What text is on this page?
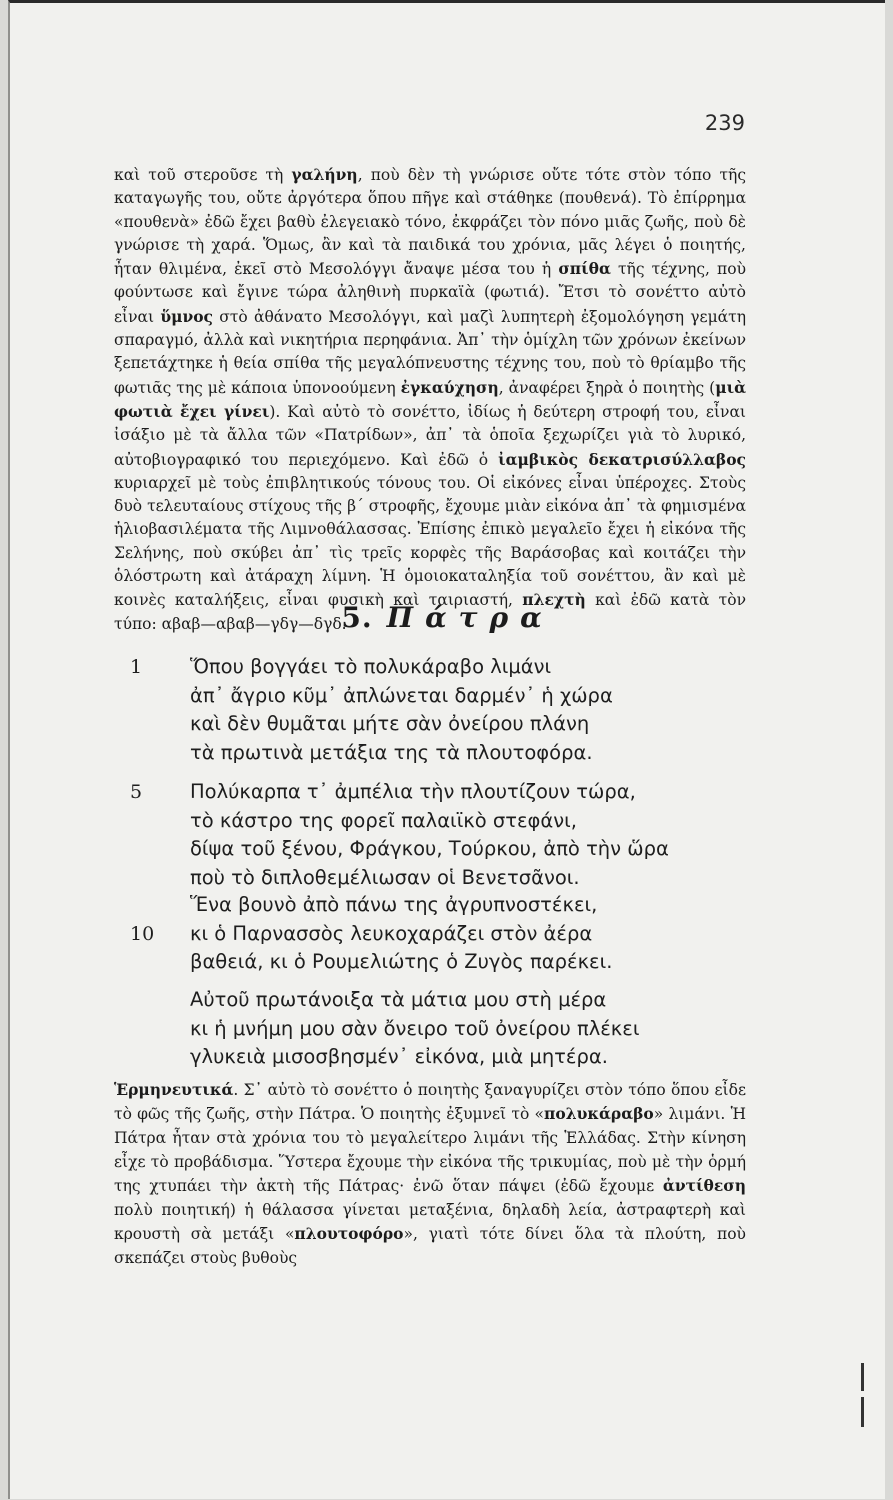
239

καὶ τοῦ στεροῦσε τὴ γαλήνη, ποὺ δὲν τὴ γνώρισε οὔτε τότε στὸν τόπο τῆς καταγωγῆς του, οὔτε ἀργότερα ὅπου πῆγε καὶ στάθηκε (πουθενά). Τὸ ἐπίρρημα «πουθενὰ» ἐδῶ ἔχει βαθὺ ἐλεγειακὸ τόνο, ἐκφράζει τὸν πόνο μιᾶς ζωῆς, ποὺ δὲ γνώρισε τὴ χαρά. Ὅμως, ἂν καὶ τὰ παιδικά του χρόνια, μᾶς λέγει ὁ ποιητής, ἦταν θλιμένα, ἐκεῖ στὸ Μεσολόγγι ἄναψε μέσα του ἡ σπίθα τῆς τέχνης, ποὺ φούντωσε καὶ ἔγινε τώρα ἀληθινὴ πυρκαϊὰ (φωτιά). Ἔτσι τὸ σονέττο αὐτὸ εἶναι ὕμνος στὸ ἀθάνατο Μεσολόγγι, καὶ μαζὶ λυπητερὴ ἐξομολόγηση γεμάτη σπαραγμό, ἀλλὰ καὶ νικητήρια περηφάνια. Ἀπ᾽ τὴν ὁμίχλη τῶν χρόνων ἐκείνων ξεπετάχτηκε ἡ θεία σπίθα τῆς μεγαλόπνευστης τέχνης του, ποὺ τὸ θρίαμβο τῆς φωτιᾶς της μὲ κάποια ὑπονοούμενη ἐγκαύχηση, ἀναφέρει ξηρὰ ὁ ποιητὴς (μιὰ φωτιὰ ἔχει γίνει). Καὶ αὐτὸ τὸ σονέττο, ἰδίως ἡ δεύτερη στροφή του, εἶναι ἰσάξιο μὲ τὰ ἄλλα τῶν «Πατρίδων», ἀπ᾽ τὰ ὁποῖα ξεχωρίζει γιὰ τὸ λυρικό, αὐτοβιογραφικό του περιεχόμενο. Καὶ ἐδῶ ὁ ἰαμβικὸς δεκατρισύλλαβος κυριαρχεῖ μὲ τοὺς ἐπιβλητικούς τόνους του. Οἱ εἰκόνες εἶναι ὑπέροχες. Στοὺς δυὸ τελευταίους στίχους τῆς β´ στροφῆς, ἔχουμε μιὰν εἰκόνα ἀπ᾽ τὰ φημισμένα ἡλιοβασιλέματα τῆς Λιμνοθάλασσας. Ἐπίσης ἐπικὸ μεγαλεῖο ἔχει ἡ εἰκόνα τῆς Σελήνης, ποὺ σκύβει ἀπ᾽ τὶς τρεῖς κορφὲς τῆς Βαράσοβας καὶ κοιτάζει τὴν ὁλόστρωτη καὶ ἀτάραχη λίμνη. Ἡ ὁμοιοκαταληξία τοῦ σονέττου, ἂν καὶ μὲ κοινὲς καταλήξεις, εἶναι φυσικὴ καὶ ταιριαστή, πλεχτὴ καὶ ἐδῶ κατὰ τὸν τύπο: αβαβ—αβαβ—γδγ—δγδ.

5. Πάτρα
1 Ὅπου βογγάει τὸ πολυκάραβο λιμάνι
ἀπ᾽ ἄγριο κῦμ᾽ ἀπλώνεται δαρμέν᾽ ἡ χώρα
καὶ δὲν θυμᾶται μήτε σὰν ὀνείρου πλάνη
τὰ πρωτινὰ μετάξια της τὰ πλουτοφόρα.
5 Πολύκαρπα τ᾽ ἀμπέλια τὴν πλουτίζουν τώρα,
τὸ κάστρο της φορεῖ παλαιϊκὸ στεφάνι,
δίψα τοῦ ξένου, Φράγκου, Τούρκου, ἀπὸ τὴν ὥρα
ποὺ τὸ διπλοθεμέλιωσαν οἱ Βενετσᾶνοι.
Ἕνα βουνὸ ἀπὸ πάνω της ἀγρυπνοστέκει,
10 κι ὁ Παρνασσὸς λευκοχαράζει στὸν ἀέρα
βαθειά, κι ὁ Ρουμελιώτης ὁ Ζυγὸς παρέκει.
Αὐτοῦ πρωτάνοιξα τὰ μάτια μου στὴ μέρα
κι ἡ μνήμη μου σὰν ὄνειρο τοῦ ὀνείρου πλέκει
γλυκειὰ μισοσβησμέν᾽ εἰκόνα, μιὰ μητέρα.

Ἑρμηνευτικά. Σ᾽ αὐτὸ τὸ σονέττο ὁ ποιητὴς ξαναγυρίζει στὸν τόπο ὅπου εἶδε τὸ φῶς τῆς ζωῆς, στὴν Πάτρα. Ὁ ποιητὴς ἐξυμνεῖ τὸ «πολυκάραβο» λιμάνι. Ἡ Πάτρα ἦταν στὰ χρόνια του τὸ μεγαλείτερο λιμάνι τῆς Ἑλλάδας. Στὴν κίνηση εἶχε τὸ προβάδισμα. Ὕστερα ἔχουμε τὴν εἰκόνα τῆς τρικυμίας, ποὺ μὲ τὴν ὁρμή της χτυπάει τὴν ἀκτὴ τῆς Πάτρας· ἐνῶ ὅταν πάψει (ἐδῶ ἔχουμε ἀντίθεση πολὺ ποιητική) ἡ θάλασσα γίνεται μεταξένια, δηλαδὴ λεία, ἀστραφτερὴ καὶ κρουστὴ σὰ μετάξι «πλουτοφόρο», γιατὶ τότε δίνει ὅλα τὰ πλούτη, ποὺ σκεπάζει στοὺς βυθοὺς
